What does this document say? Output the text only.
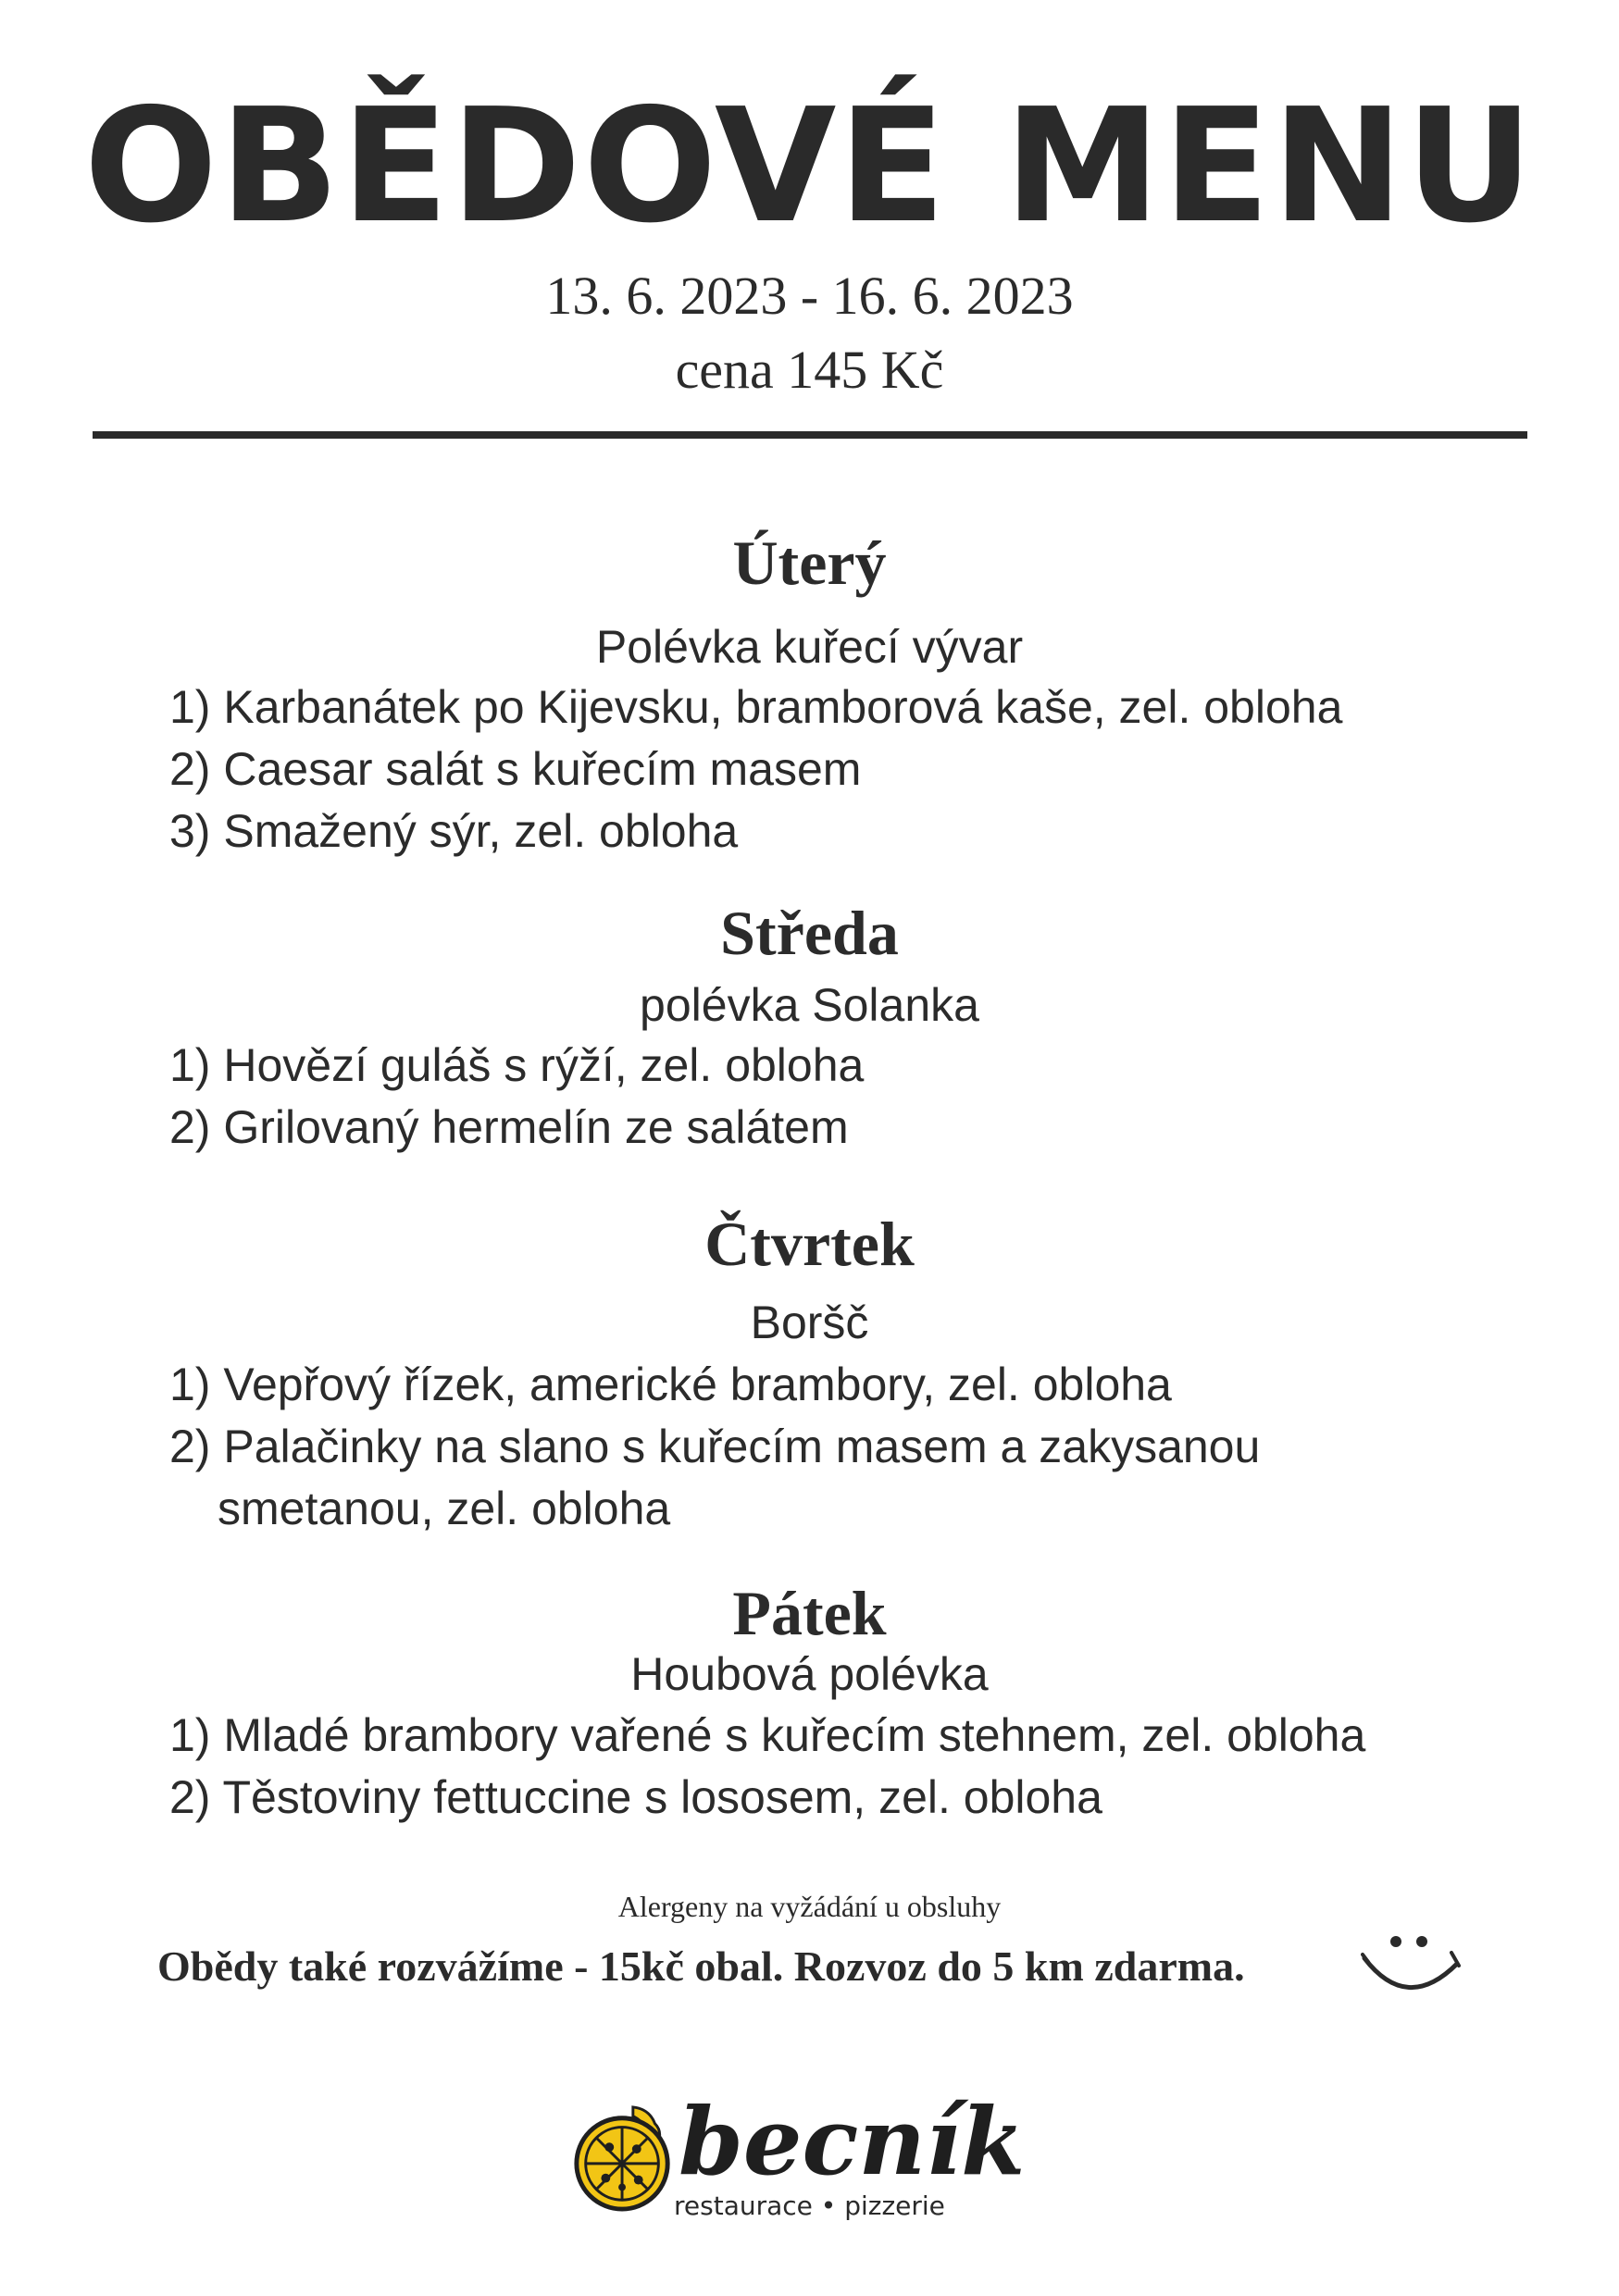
OBĚDOVÉ MENU
13. 6. 2023 - 16. 6. 2023
cena 145 Kč
Úterý
Polévka kuřecí vývar
1) Karbanátek po Kijevsku, bramborová kaše, zel. obloha
2) Caesar salát s kuřecím masem
3) Smažený sýr, zel. obloha
Středa
polévka Solanka
1) Hovězí guláš s rýží, zel. obloha
2) Grilovaný hermelín ze salátem
Čtvrtek
Boršč
1) Vepřový řízek, americké brambory, zel. obloha
2) Palačinky na slano s kuřecím masem a zakysanou
smetanou, zel. obloha
Pátek
Houbová polévka
1) Mladé brambory vařené s kuřecím stehnem, zel. obloha
2) Těstoviny fettuccine s lososem, zel. obloha
Alergeny na vyžádání u obsluhy
Obědy také rozvážíme - 15kč obal. Rozvoz do 5 km zdarma.
becník
restaurace • pizzerie
